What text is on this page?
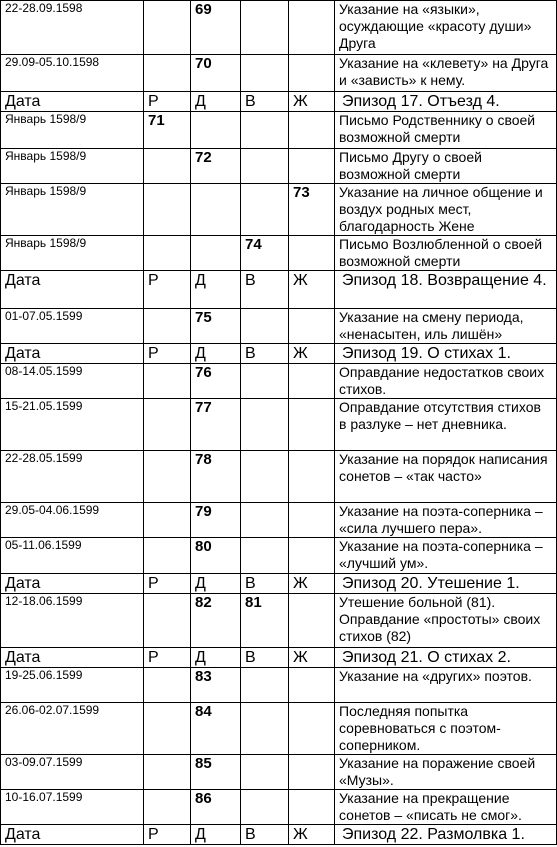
22-28.09.1598		69			Указание на «языки», осуждающие «красоту души» Друга
29.09-05.10.1598		70			Указание на «клевету» на Друга и «зависть» к нему.
Дата	Р	Д	В	Ж	Эпизод 17. Отъезд 4.
Январь 1598/9	71				Письмо Родственнику о своей возможной смерти
Январь 1598/9		72			Письмо Другу о своей возможной смерти
Январь 1598/9				73	Указание на личное общение и воздух родных мест, благодарность Жене
Январь 1598/9			74		Письмо Возлюбленной о своей возможной смерти
Дата	Р	Д	В	Ж	Эпизод 18. Возвращение 4.
01-07.05.1599		75			Указание на смену периода, «ненасытен, иль лишён»
Дата	Р	Д	В	Ж	Эпизод 19. О стихах 1.
08-14.05.1599		76			Оправдание недостатков своих стихов.
15-21.05.1599		77			Оправдание отсутствия стихов в разлуке – нет дневника.
22-28.05.1599		78			Указание на порядок написания сонетов – «так часто»
29.05-04.06.1599		79			Указание на поэта-соперника – «сила лучшего пера».
05-11.06.1599		80			Указание на поэта-соперника – «лучший ум».
Дата	Р	Д	В	Ж	Эпизод 20. Утешение 1.
12-18.06.1599		82	81		Утешение больной (81). Оправдание «простоты» своих стихов (82)
Дата	Р	Д	В	Ж	Эпизод 21. О стихах 2.
19-25.06.1599		83			Указание на «других» поэтов.
26.06-02.07.1599		84			Последняя попытка соревноваться с поэтом-соперником.
03-09.07.1599		85			Указание на поражение своей «Музы».
10-16.07.1599		86			Указание на прекращение сонетов – «писать не смог».
Дата	Р	Д	В	Ж	Эпизод 22. Размолвка 1.
